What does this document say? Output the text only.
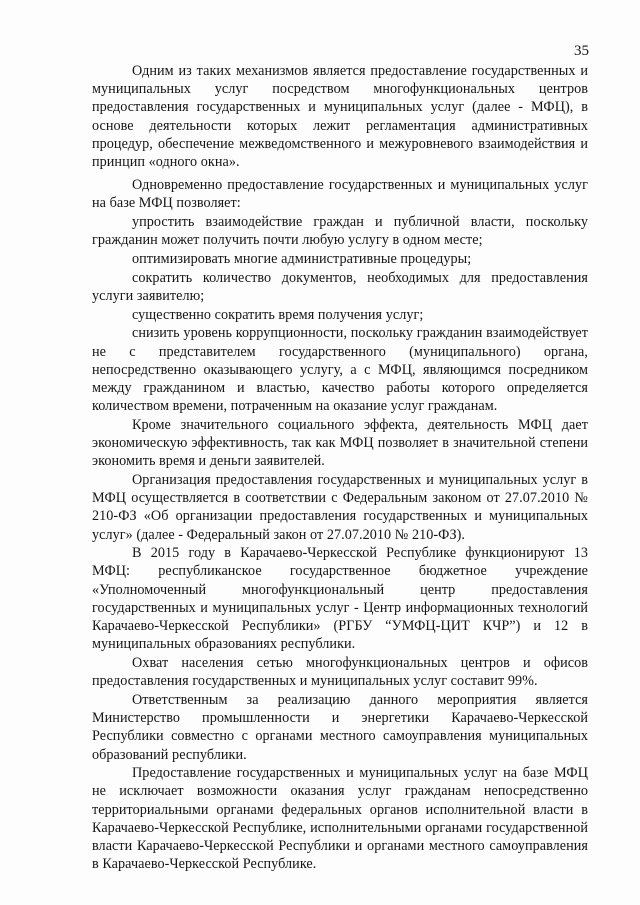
35

Одним из таких механизмов является предоставление государственных и муниципальных услуг посредством многофункциональных центров предоставления государственных и муниципальных услуг (далее - МФЦ), в основе деятельности которых лежит регламентация административных процедур, обеспечение межведомственного и межуровневого взаимодействия и принцип «одного окна».

Одновременно предоставление государственных и муниципальных услуг на базе МФЦ позволяет:

упростить взаимодействие граждан и публичной власти, поскольку гражданин может получить почти любую услугу в одном месте;

оптимизировать многие административные процедуры;

сократить количество документов, необходимых для предоставления услуги заявителю;

существенно сократить время получения услуг;

снизить уровень коррупционности, поскольку гражданин взаимодействует не с представителем государственного (муниципального) органа, непосредственно оказывающего услугу, а с МФЦ, являющимся посредником между гражданином и властью, качество работы которого определяется количеством времени, потраченным на оказание услуг гражданам.

Кроме значительного социального эффекта, деятельность МФЦ дает экономическую эффективность, так как МФЦ позволяет в значительной степени экономить время и деньги заявителей.

Организация предоставления государственных и муниципальных услуг в МФЦ осуществляется в соответствии с Федеральным законом от 27.07.2010 № 210-ФЗ «Об организации предоставления государственных и муниципальных услуг» (далее - Федеральный закон от 27.07.2010 № 210-ФЗ).

В 2015 году в Карачаево-Черкесской Республике функционируют 13 МФЦ: республиканское государственное бюджетное учреждение «Уполномоченный многофункциональный центр предоставления государственных и муниципальных услуг - Центр информационных технологий Карачаево-Черкесской Республики» (РГБУ “УМФЦ-ЦИТ КЧР”) и 12 в муниципальных образованиях республики.

Охват населения сетью многофункциональных центров и офисов предоставления государственных и муниципальных услуг составит 99%.

Ответственным за реализацию данного мероприятия является Министерство промышленности и энергетики Карачаево-Черкесской Республики совместно с органами местного самоуправления муниципальных образований республики.

Предоставление государственных и муниципальных услуг на базе МФЦ не исключает возможности оказания услуг гражданам непосредственно территориальными органами федеральных органов исполнительной власти в Карачаево-Черкесской Республике, исполнительными органами государственной власти Карачаево-Черкесской Республики и органами местного самоуправления в Карачаево-Черкесской Республике.
